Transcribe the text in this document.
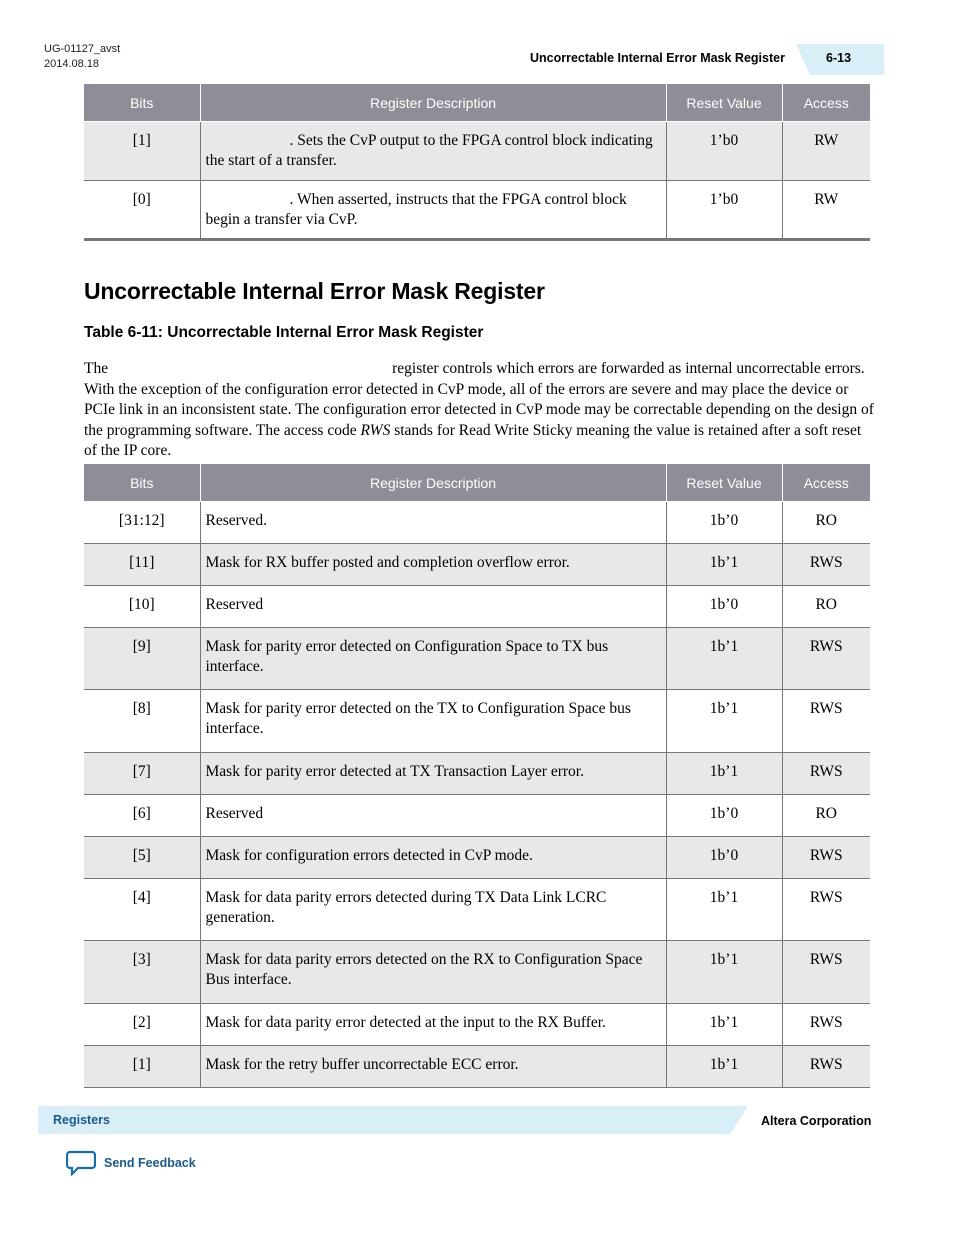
UG-01127_avst
2014.08.18	Uncorrectable Internal Error Mask Register	6-13
Bits	Register Description	Reset Value	Access

[1]	. Sets the CvP output to the FPGA control block indicating the start of a transfer.	1’b0	RW

[0]	. When asserted, instructs that the FPGA control block begin a transfer via CvP.	1’b0	RW
Uncorrectable Internal Error Mask Register
Table 6-11: Uncorrectable Internal Error Mask Register
The	register controls which errors are forwarded as internal uncorrectable errors. With the exception of the configuration error detected in CvP mode, all of the errors are severe and may place the device or PCIe link in an inconsistent state. The configuration error detected in CvP mode may be correctable depending on the design of the programming software. The access code RWS stands for Read Write Sticky meaning the value is retained after a soft reset of the IP core.
Bits	Register Description	Reset Value	Access

[31:12]	Reserved.	1b’0	RO

[11]	Mask for RX buffer posted and completion overflow error.	1b’1	RWS

[10]	Reserved	1b’0	RO

[9]	Mask for parity error detected on Configuration Space to TX bus interface.	1b’1	RWS

[8]	Mask for parity error detected on the TX to Configuration Space bus interface.	1b’1	RWS

[7]	Mask for parity error detected at TX Transaction Layer error.	1b’1	RWS

[6]	Reserved	1b’0	RO

[5]	Mask for configuration errors detected in CvP mode.	1b’0	RWS

[4]	Mask for data parity errors detected during TX Data Link LCRC generation.	1b’1	RWS

[3]	Mask for data parity errors detected on the RX to Configuration Space Bus interface.	1b’1	RWS

[2]	Mask for data parity error detected at the input to the RX Buffer.	1b’1	RWS

[1]	Mask for the retry buffer uncorrectable ECC error.	1b’1	RWS
Registers	Altera Corporation
Send Feedback
